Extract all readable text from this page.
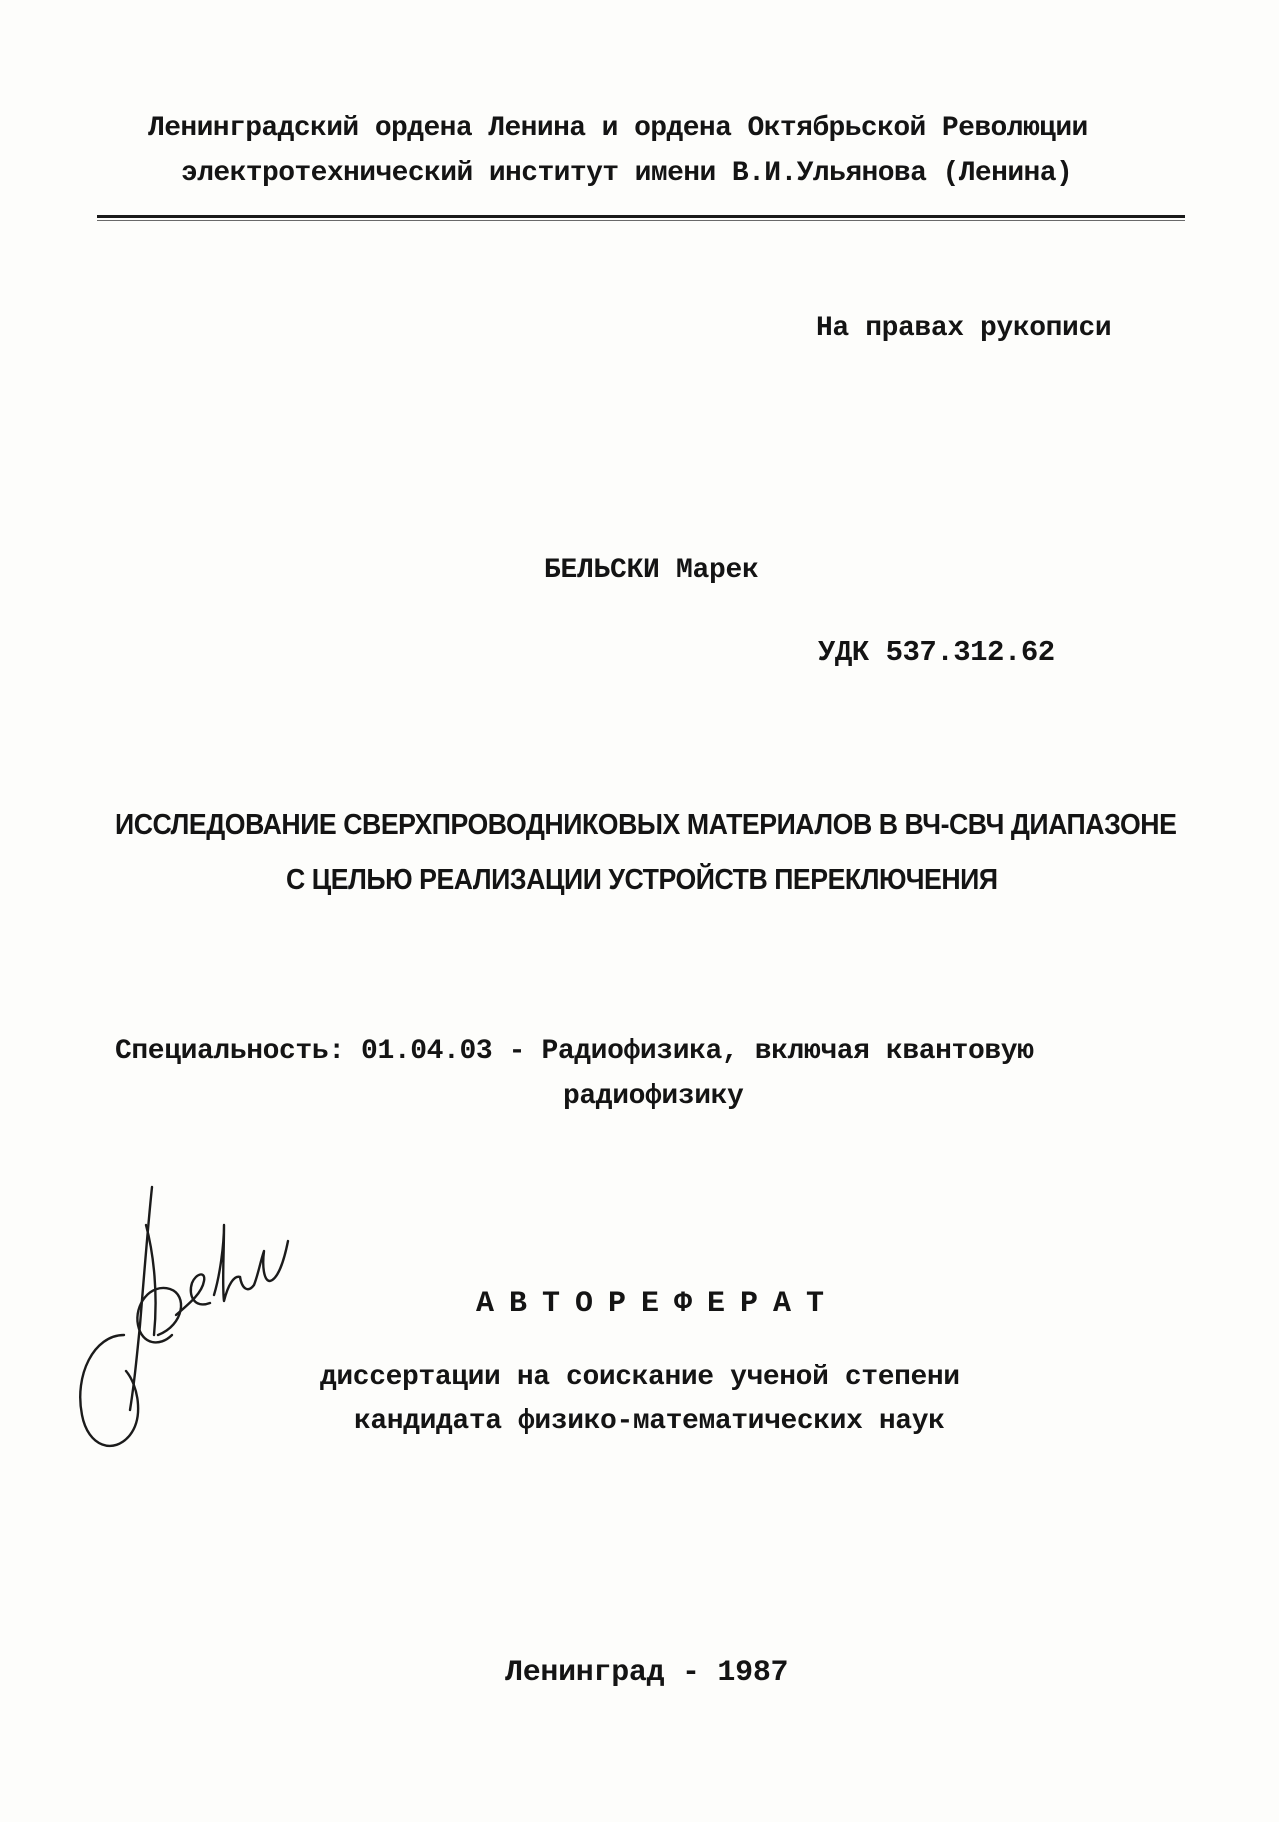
Ленинградский ордена Ленина и ордена Октябрьской Революции
электротехнический институт имени В.И.Ульянова (Ленина)
На правах рукописи
БЕЛЬСКИ Марек
УДК 537.312.62
ИССЛЕДОВАНИЕ СВЕРХПРОВОДНИКОВЫХ МАТЕРИАЛОВ В ВЧ-СВЧ ДИАПАЗОНЕ
С ЦЕЛЬЮ РЕАЛИЗАЦИИ УСТРОЙСТВ ПЕРЕКЛЮЧЕНИЯ
Специальность: 01.04.03 - Радиофизика, включая квантовую
радиофизику
АВТОРЕФЕРАТ
диссертации на соискание ученой степени
кандидата физико-математических наук
Ленинград - 1987
